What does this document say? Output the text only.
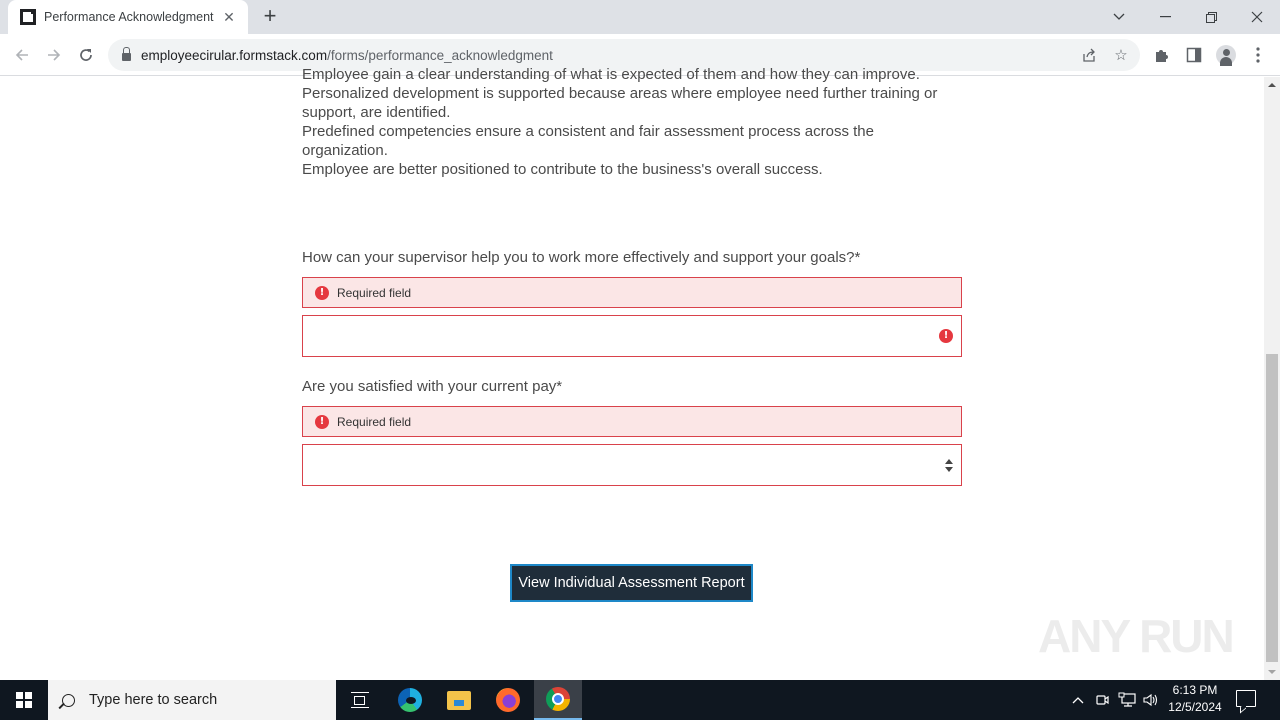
Performance Acknowledgment ✕ +
employeecirular.formstack.com/forms/performance_acknowledgment	☆

Employee gain a clear understanding of what is expected of them and how they can improve.

Personalized development is supported because areas where employee need further training or support, are identified.

Predefined competencies ensure a consistent and fair assessment process across the organization.

Employee are better positioned to contribute to the business's overall success.

How can your supervisor help you to work more effectively and support your goals?*
!	Required field
!
Are you satisfied with your current pay*
!	Required field
View Individual Assessment Report
ANY RUN
Type here to search
6:13 PM
12/5/2024
